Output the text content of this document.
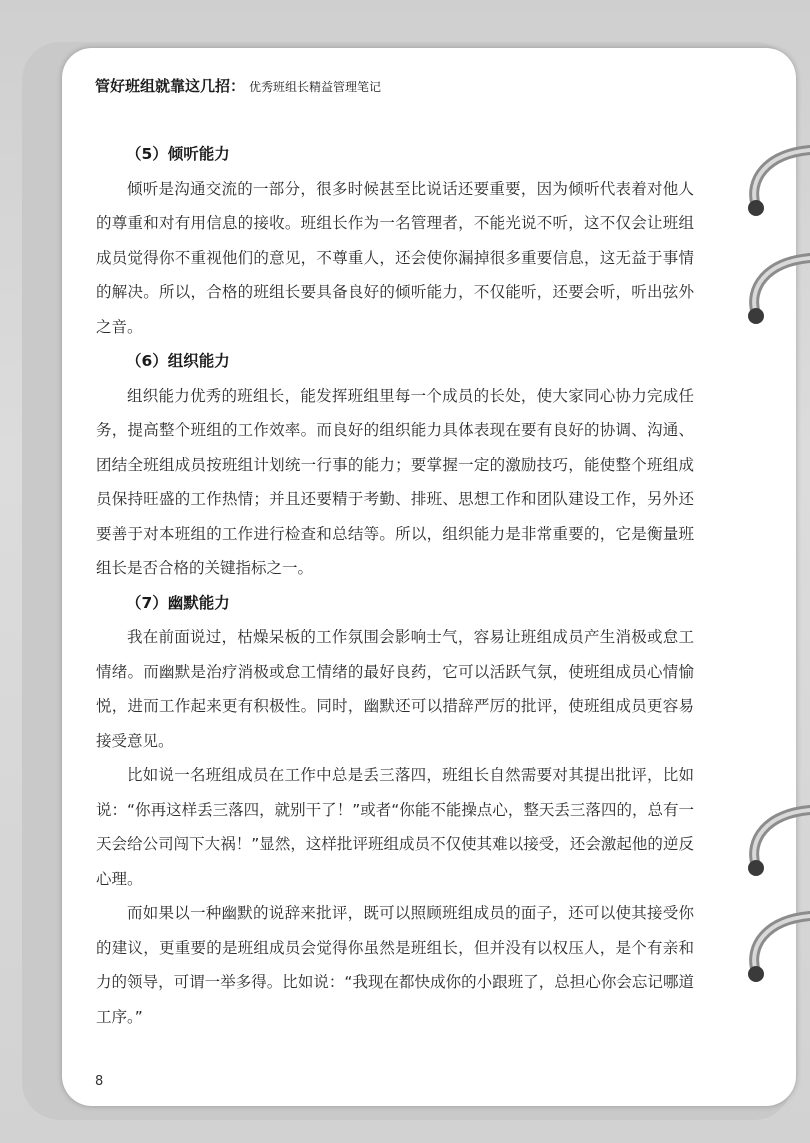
管好班组就靠这几招： 优秀班组长精益管理笔记
（5）倾听能力

倾听是沟通交流的一部分，很多时候甚至比说话还要重要，因为倾听代表着对他人的尊重和对有用信息的接收。班组长作为一名管理者，不能光说不听，这不仅会让班组成员觉得你不重视他们的意见，不尊重人，还会使你漏掉很多重要信息，这无益于事情的解决。所以，合格的班组长要具备良好的倾听能力，不仅能听，还要会听，听出弦外之音。

（6）组织能力

组织能力优秀的班组长，能发挥班组里每一个成员的长处，使大家同心协力完成任务，提高整个班组的工作效率。而良好的组织能力具体表现在要有良好的协调、沟通、团结全班组成员按班组计划统一行事的能力；要掌握一定的激励技巧，能使整个班组成员保持旺盛的工作热情；并且还要精于考勤、排班、思想工作和团队建设工作，另外还要善于对本班组的工作进行检查和总结等。所以，组织能力是非常重要的，它是衡量班组长是否合格的关键指标之一。

（7）幽默能力

我在前面说过，枯燥呆板的工作氛围会影响士气，容易让班组成员产生消极或怠工情绪。而幽默是治疗消极或怠工情绪的最好良药，它可以活跃气氛，使班组成员心情愉悦，进而工作起来更有积极性。同时，幽默还可以措辞严厉的批评，使班组成员更容易接受意见。

比如说一名班组成员在工作中总是丢三落四，班组长自然需要对其提出批评，比如说：“你再这样丢三落四，就别干了！”或者“你能不能操点心，整天丢三落四的，总有一天会给公司闯下大祸！”显然，这样批评班组成员不仅使其难以接受，还会激起他的逆反心理。

而如果以一种幽默的说辞来批评，既可以照顾班组成员的面子，还可以使其接受你的建议，更重要的是班组成员会觉得你虽然是班组长，但并没有以权压人，是个有亲和力的领导，可谓一举多得。比如说：“我现在都快成你的小跟班了，总担心你会忘记哪道工序。”

8
